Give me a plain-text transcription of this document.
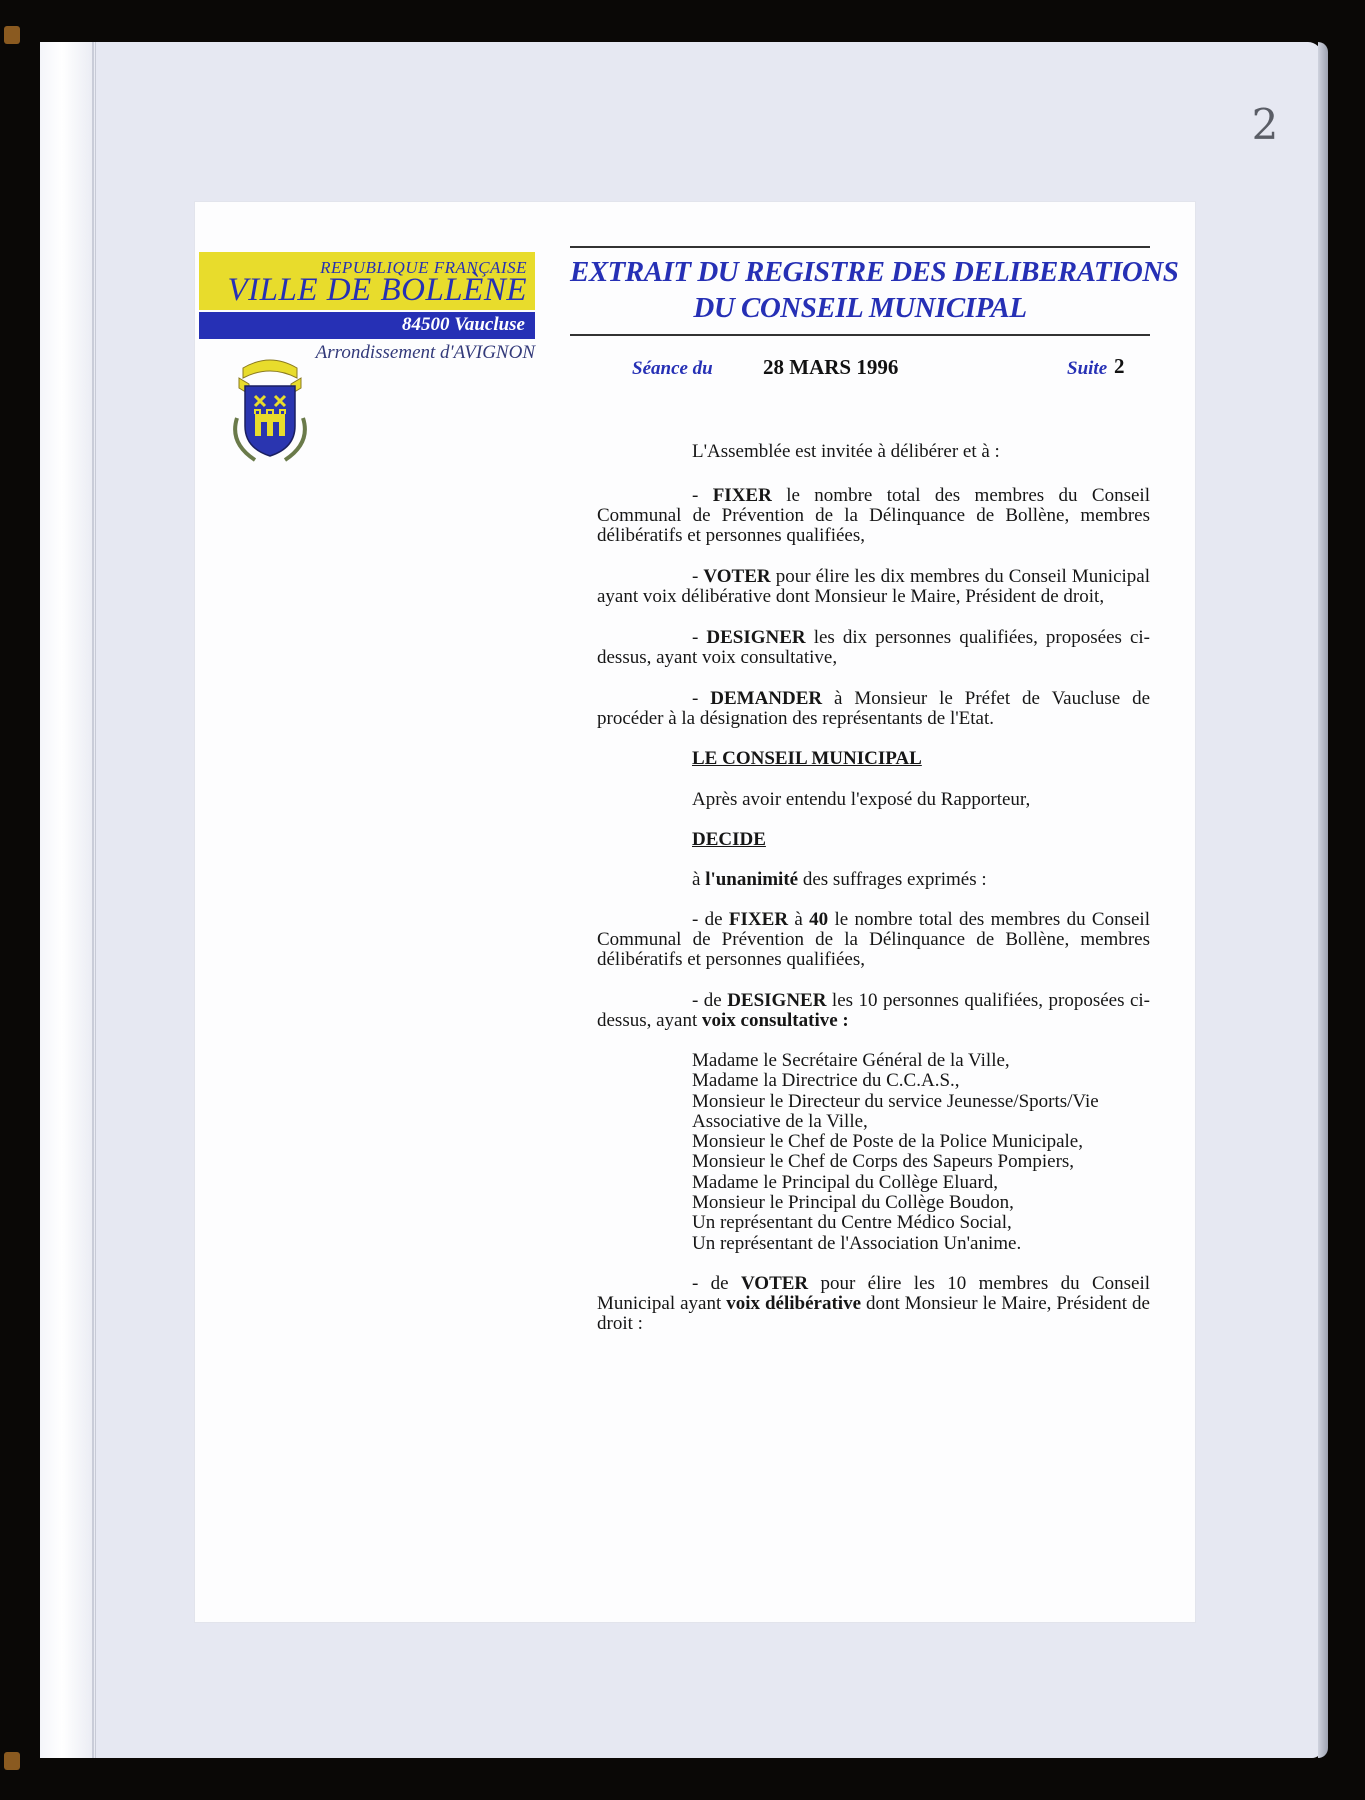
2
REPUBLIQUE FRANÇAISE
VILLE DE BOLLÈNE
84500 Vaucluse
Arrondissement d'AVIGNON
EXTRAIT DU REGISTRE DES DELIBERATIONS
DU CONSEIL MUNICIPAL
Séance du 28 MARS 1996	Suite 2

L'Assemblée est invitée à délibérer et à :

- FIXER le nombre total des membres du Conseil Communal de Prévention de la Délinquance de Bollène, membres délibératifs et personnes qualifiées,

- VOTER pour élire les dix membres du Conseil Municipal ayant voix délibérative dont Monsieur le Maire, Président de droit,

- DESIGNER les dix personnes qualifiées, proposées ci-dessus, ayant voix consultative,

- DEMANDER à Monsieur le Préfet de Vaucluse de procéder à la désignation des représentants de l'Etat.

LE CONSEIL MUNICIPAL

Après avoir entendu l'exposé du Rapporteur,

DECIDE

à l'unanimité des suffrages exprimés :

- de FIXER à 40 le nombre total des membres du Conseil Communal de Prévention de la Délinquance de Bollène, membres délibératifs et personnes qualifiées,

- de DESIGNER les 10 personnes qualifiées, proposées ci-dessus, ayant voix consultative :

Madame le Secrétaire Général de la Ville,
Madame la Directrice du C.C.A.S.,
Monsieur le Directeur du service Jeunesse/Sports/Vie Associative de la Ville,
Monsieur le Chef de Poste de la Police Municipale,
Monsieur le Chef de Corps des Sapeurs Pompiers,
Madame le Principal du Collège Eluard,
Monsieur le Principal du Collège Boudon,
Un représentant du Centre Médico Social,
Un représentant de l'Association Un'anime.

- de VOTER pour élire les 10 membres du Conseil Municipal ayant voix délibérative dont Monsieur le Maire, Président de droit :
